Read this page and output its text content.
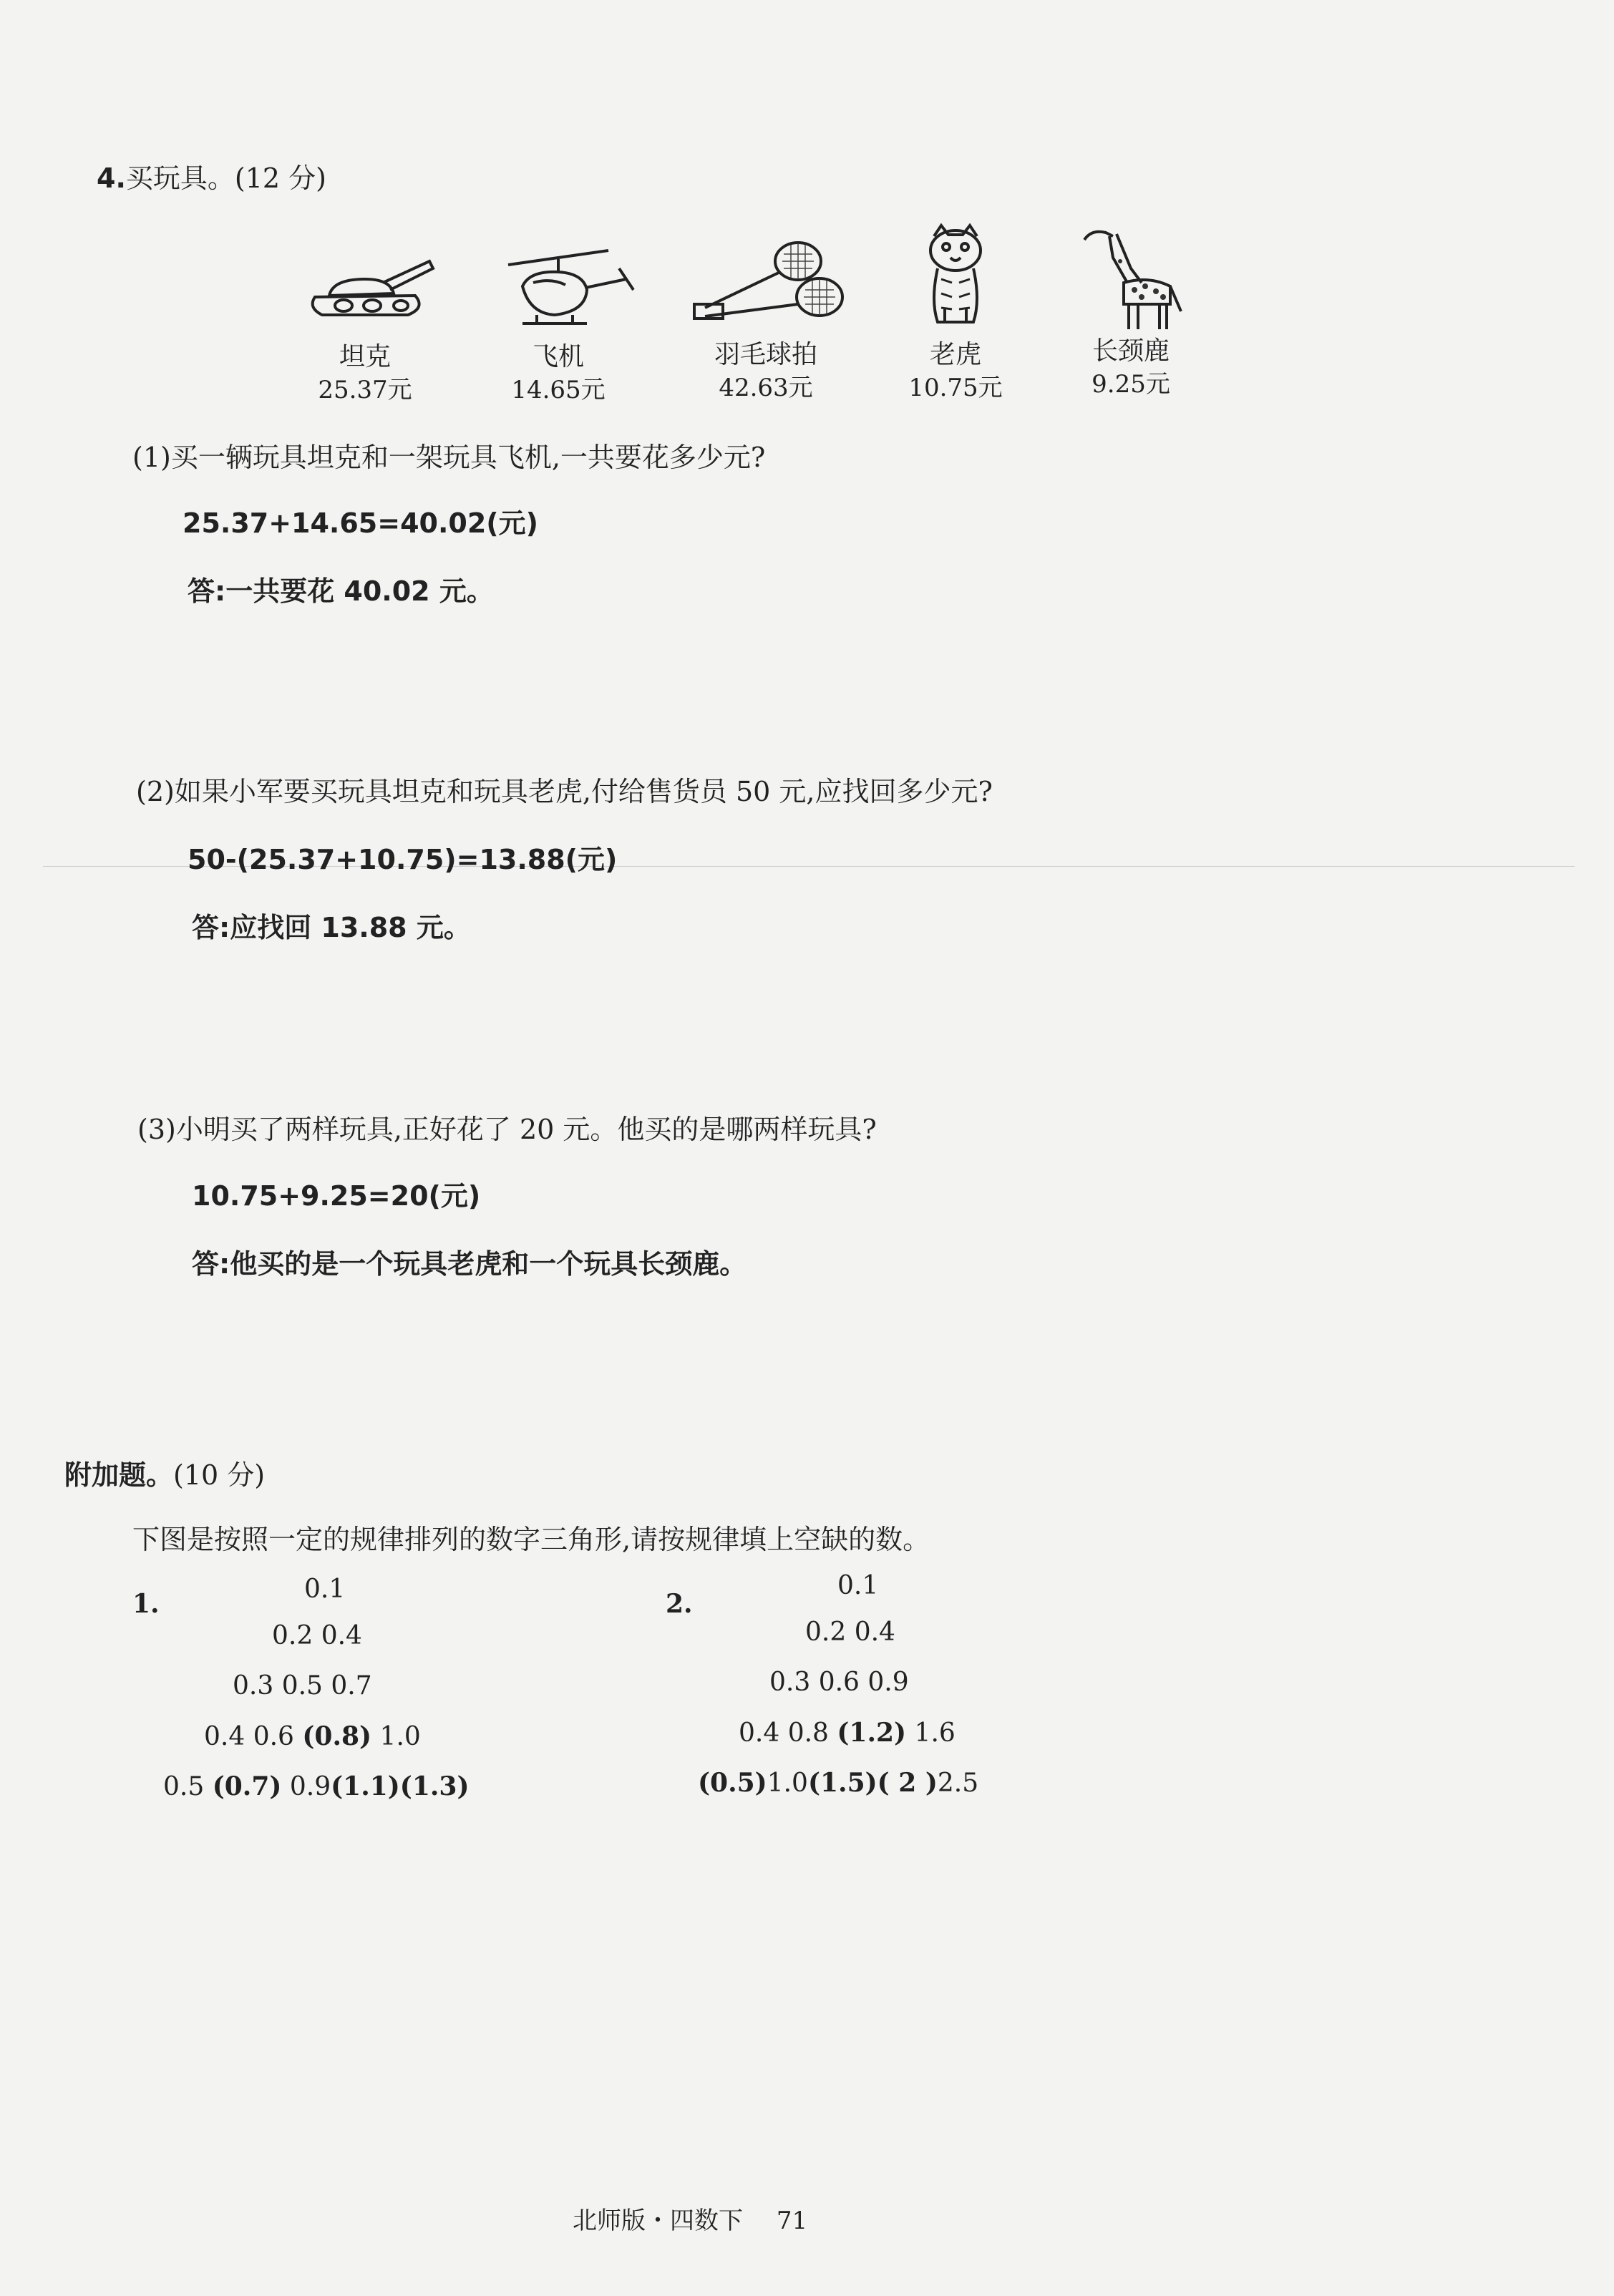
4.买玩具。(12 分)
坦克
25.37元
飞机
14.65元
羽毛球拍
42.63元
老虎
10.75元
长颈鹿
9.25元
(1)买一辆玩具坦克和一架玩具飞机,一共要花多少元?
25.37+14.65=40.02(元)
答:一共要花 40.02 元。
(2)如果小军要买玩具坦克和玩具老虎,付给售货员 50 元,应找回多少元?
50-(25.37+10.75)=13.88(元)
答:应找回 13.88 元。
(3)小明买了两样玩具,正好花了 20 元。他买的是哪两样玩具?
10.75+9.25=20(元)
答:他买的是一个玩具老虎和一个玩具长颈鹿。
附加题。(10 分)
下图是按照一定的规律排列的数字三角形,请按规律填上空缺的数。
1.	0.1
0.2 0.4
0.3 0.5 0.7
0.4 0.6 (0.8) 1.0
0.5 (0.7) 0.9(1.1)(1.3)
2.
0.1
0.2 0.4
0.3 0.6 0.9
0.4 0.8 (1.2) 1.6
(0.5)1.0(1.5)( 2 )2.5
北师版・四数下 71
